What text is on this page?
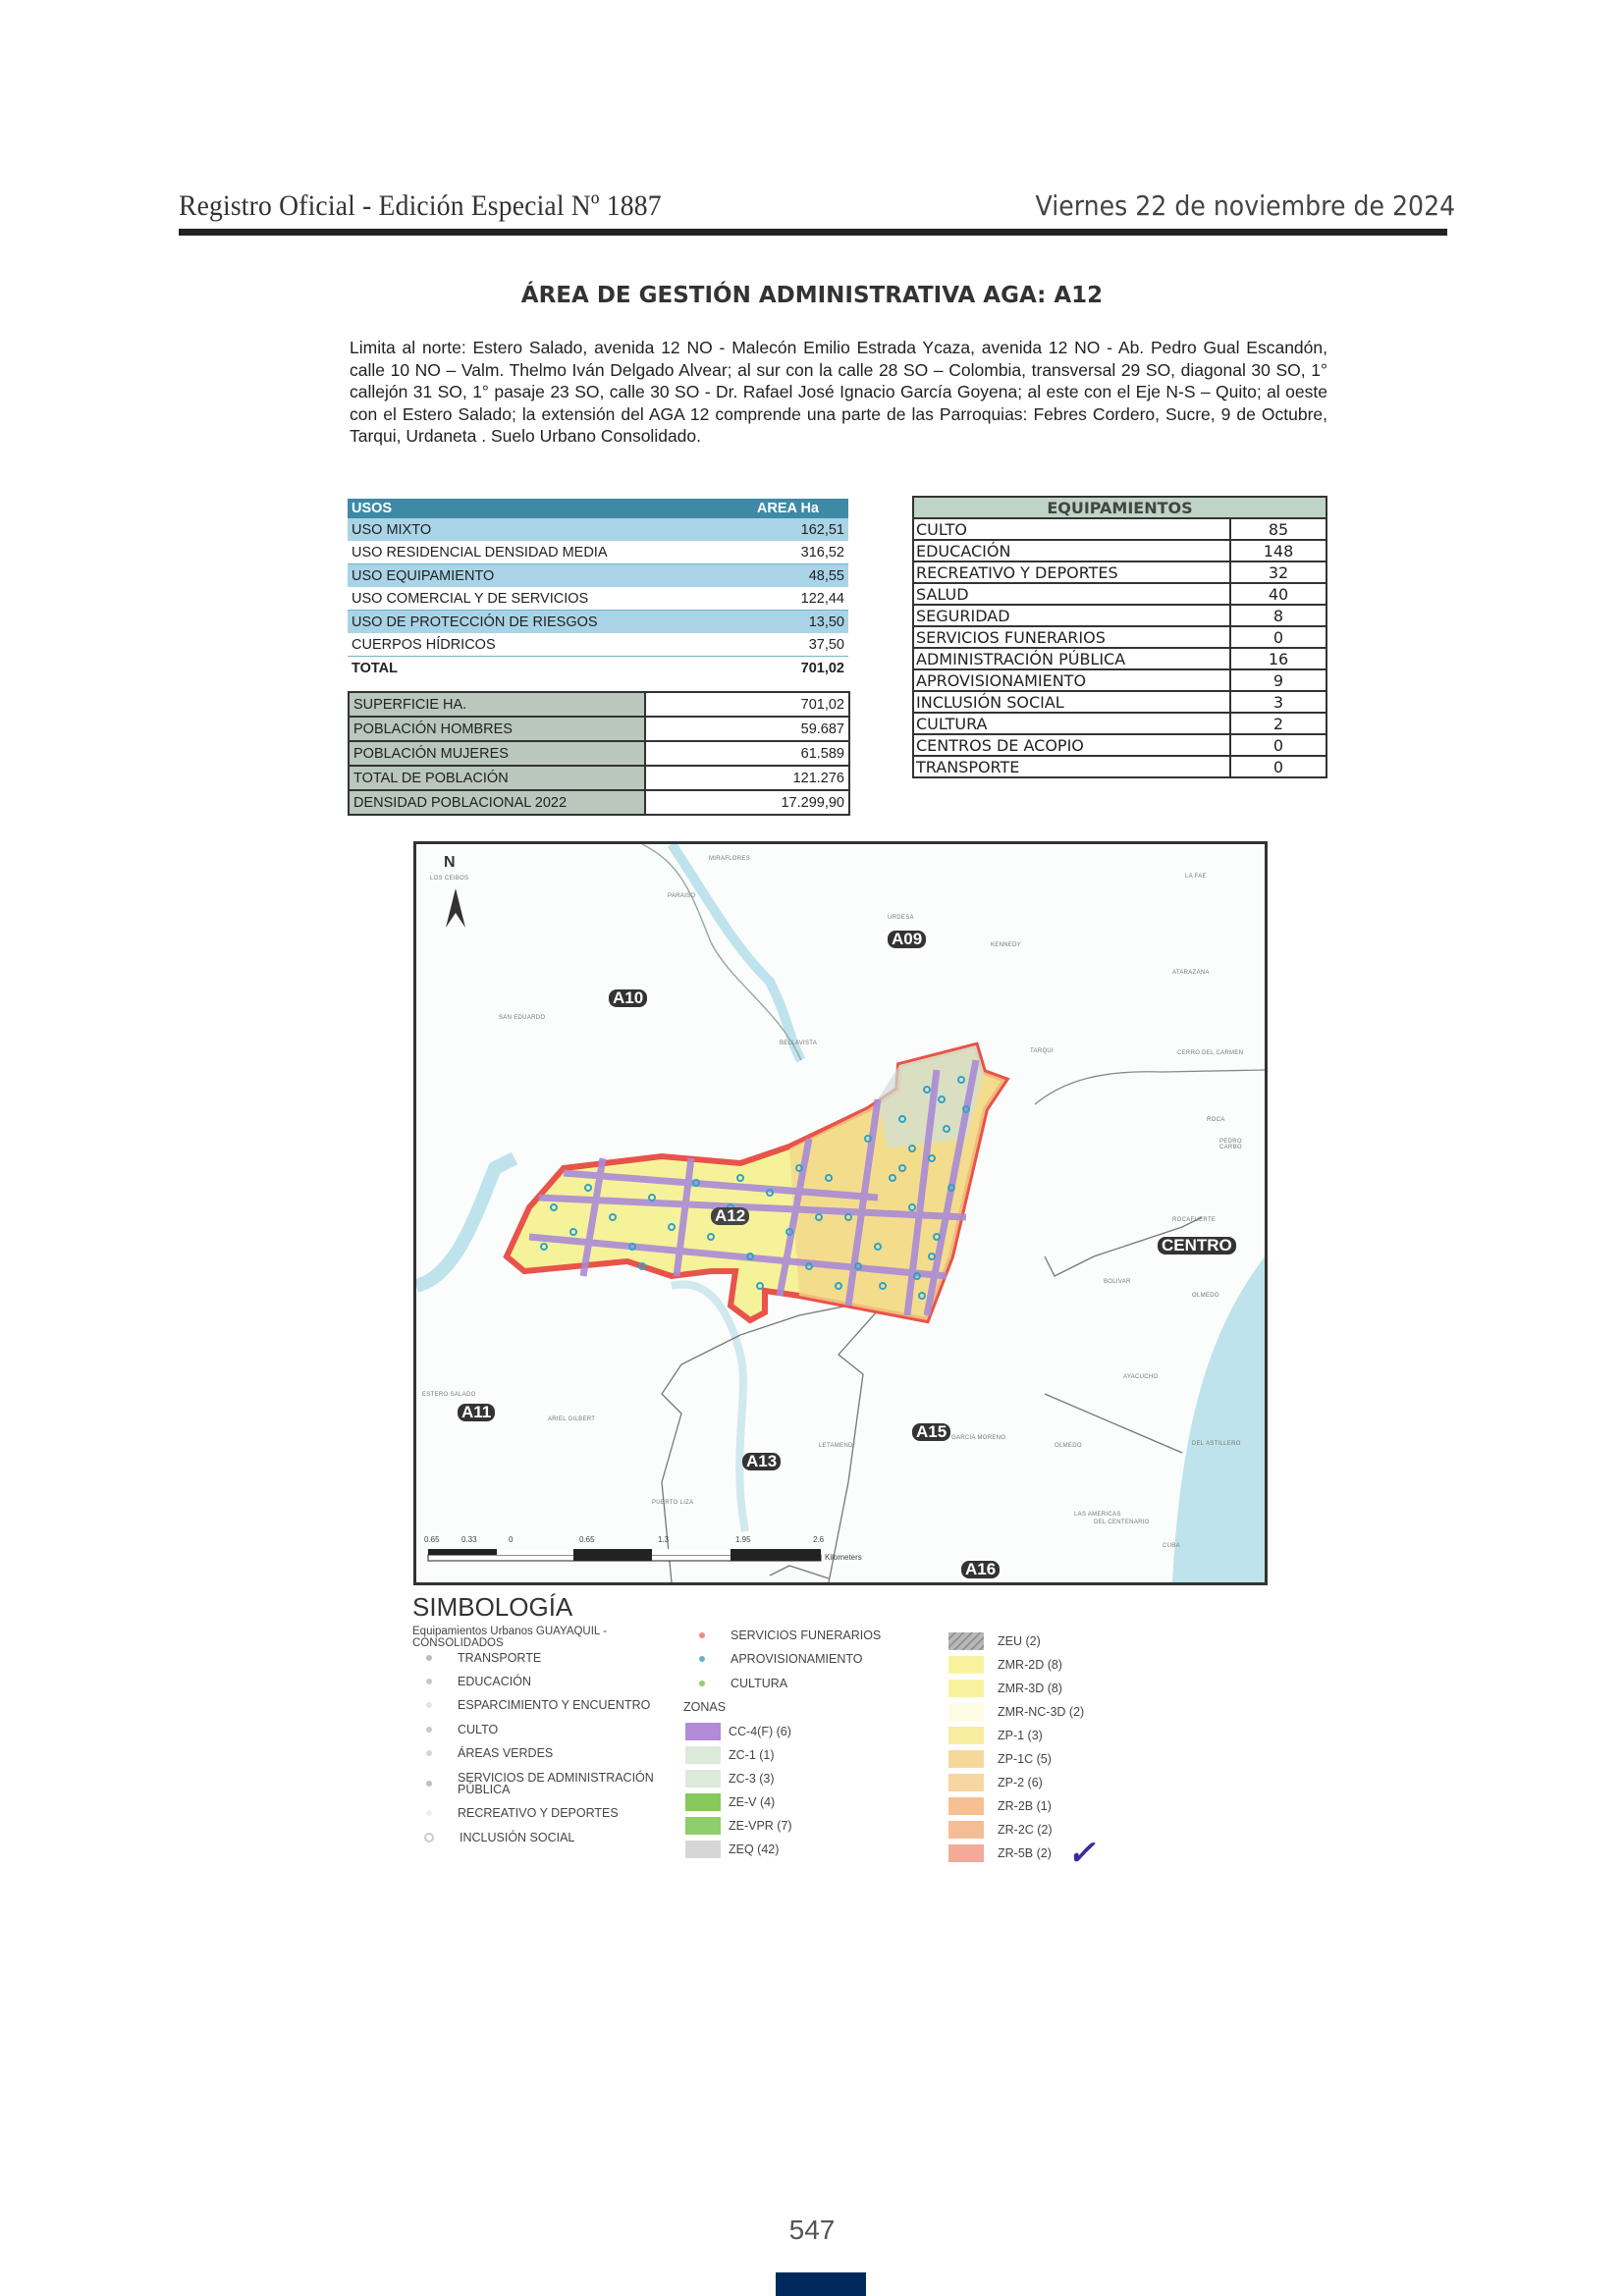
Registro Oficial - Edición Especial Nº 1887	Viernes 22 de noviembre de 2024
ÁREA DE GESTIÓN ADMINISTRATIVA AGA: A12
Limita al norte: Estero Salado, avenida 12 NO - Malecón Emilio Estrada Ycaza, avenida 12 NO - Ab. Pedro Gual Escandón, calle 10 NO – Valm. Thelmo Iván Delgado Alvear; al sur con la calle 28 SO – Colombia, transversal 29 SO, diagonal 30 SO, 1° callejón 31 SO, 1° pasaje 23 SO, calle 30 SO - Dr. Rafael José Ignacio García Goyena; al este con el Eje N-S – Quito; al oeste con el Estero Salado; la extensión del AGA 12 comprende una parte de las Parroquias: Febres Cordero, Sucre, 9 de Octubre, Tarqui, Urdaneta . Suelo Urbano Consolidado.
USOS	AREA Ha
USO MIXTO	162,51
USO RESIDENCIAL DENSIDAD MEDIA	316,52
USO EQUIPAMIENTO	48,55
USO COMERCIAL Y DE SERVICIOS	122,44
USO DE PROTECCIÓN DE RIESGOS	13,50
CUERPOS HÍDRICOS	37,50
TOTAL	701,02
SUPERFICIE HA.	701,02
POBLACIÓN HOMBRES	59.687
POBLACIÓN MUJERES	61.589
TOTAL DE POBLACIÓN	121.276
DENSIDAD POBLACIONAL 2022	17.299,90
EQUIPAMIENTOS	
CULTO	85
EDUCACIÓN	148
RECREATIVO Y DEPORTES	32
SALUD	40
SEGURIDAD	8
SERVICIOS FUNERARIOS	0
ADMINISTRACIÓN PÚBLICA	16
APROVISIONAMIENTO	9
INCLUSIÓN SOCIAL	3
CULTURA	2
CENTROS DE ACOPIO	0
TRANSPORTE	0
N
A09
A10
A11
A12
A13
A15
A16
CENTRO
MIRAFLORES
PARAISO
LOS CEIBOS
URDESA
KENNEDY
LA FAE
ATARAZANA
SAN EDUARDO
BELLAVISTA
TARQUI	CERRO DEL CARMEN
ROCA
PEDRO CARBO
ROCAFUERTE
BOLIVAR
OLMEDO
ESTERO SALADO
ARIEL GILBERT
LETAMENDI
GARCIA MORENO
AYACUCHO
OLMEDO	DEL ASTILLERO
LAS AMERICAS
DEL CENTENARIO
CUBA
PUERTO LIZA
0.65	0.33	0	0.65	1.3	1.95	2.6
Kilometers
SIMBOLOGÍA
Equipamientos Urbanos GUAYAQUIL - CONSOLIDADOS
TRANSPORTE
EDUCACIÓN
ESPARCIMIENTO Y ENCUENTRO
CULTO
ÁREAS VERDES
SERVICIOS DE ADMINISTRACIÓN PÚBLICA
RECREATIVO Y DEPORTES
INCLUSIÓN SOCIAL
SERVICIOS FUNERARIOS
APROVISIONAMIENTO
CULTURA
ZONAS
CC-4(F) (6)
ZC-1 (1)
ZC-3 (3)
ZE-V (4)
ZE-VPR (7)
ZEQ (42)
ZEU (2)
ZMR-2D (8)
ZMR-3D (8)
ZMR-NC-3D (2)
ZP-1 (3)
ZP-1C (5)
ZP-2 (6)
ZR-2B (1)
ZR-2C (2)
ZR-5B (2) ✓
547
